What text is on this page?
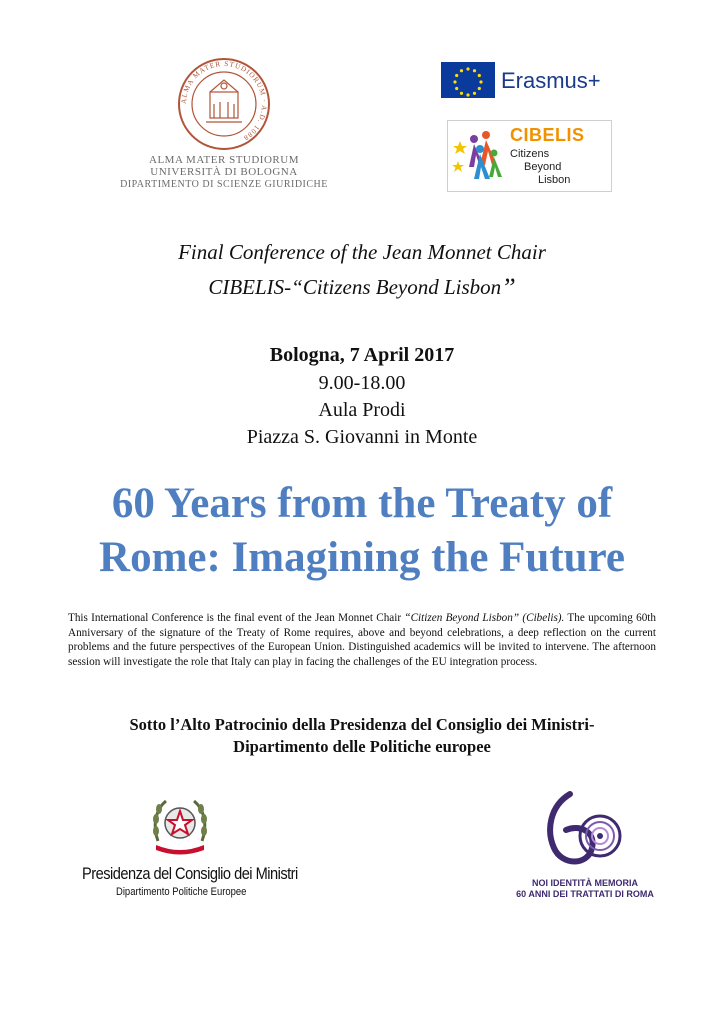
ALMA MATER STUDIORUM · A.D. 1088
ALMA MATER STUDIORUM
UNIVERSITÀ DI BOLOGNA
DIPARTIMENTO DI SCIENZE GIURIDICHE
Erasmus+
CIBELIS
Citizens
Beyond
Lisbon
Final Conference of the Jean Monnet Chair
CIBELIS-“Citizens Beyond Lisbon”
Bologna, 7 April 2017
9.00-18.00
Aula Prodi
Piazza S. Giovanni in Monte
60 Years from the Treaty of
Rome: Imagining the Future
This International Conference is the final event of the Jean Monnet Chair “Citizen Beyond Lisbon” (Cibelis). The upcoming 60th Anniversary of the signature of the Treaty of Rome requires, above and beyond celebrations, a deep reflection on the current problems and the future perspectives of the European Union. Distinguished academics will be invited to intervene. The afternoon session will investigate the role that Italy can play in facing the challenges of the EU integration process.
Sotto l’Alto Patrocinio della Presidenza del Consiglio dei Ministri-
Dipartimento delle Politiche europee
Presidenza del Consiglio dei Ministri
Dipartimento Politiche Europee
NOI IDENTITÀ MEMORIA
60 ANNI DEI TRATTATI DI ROMA
